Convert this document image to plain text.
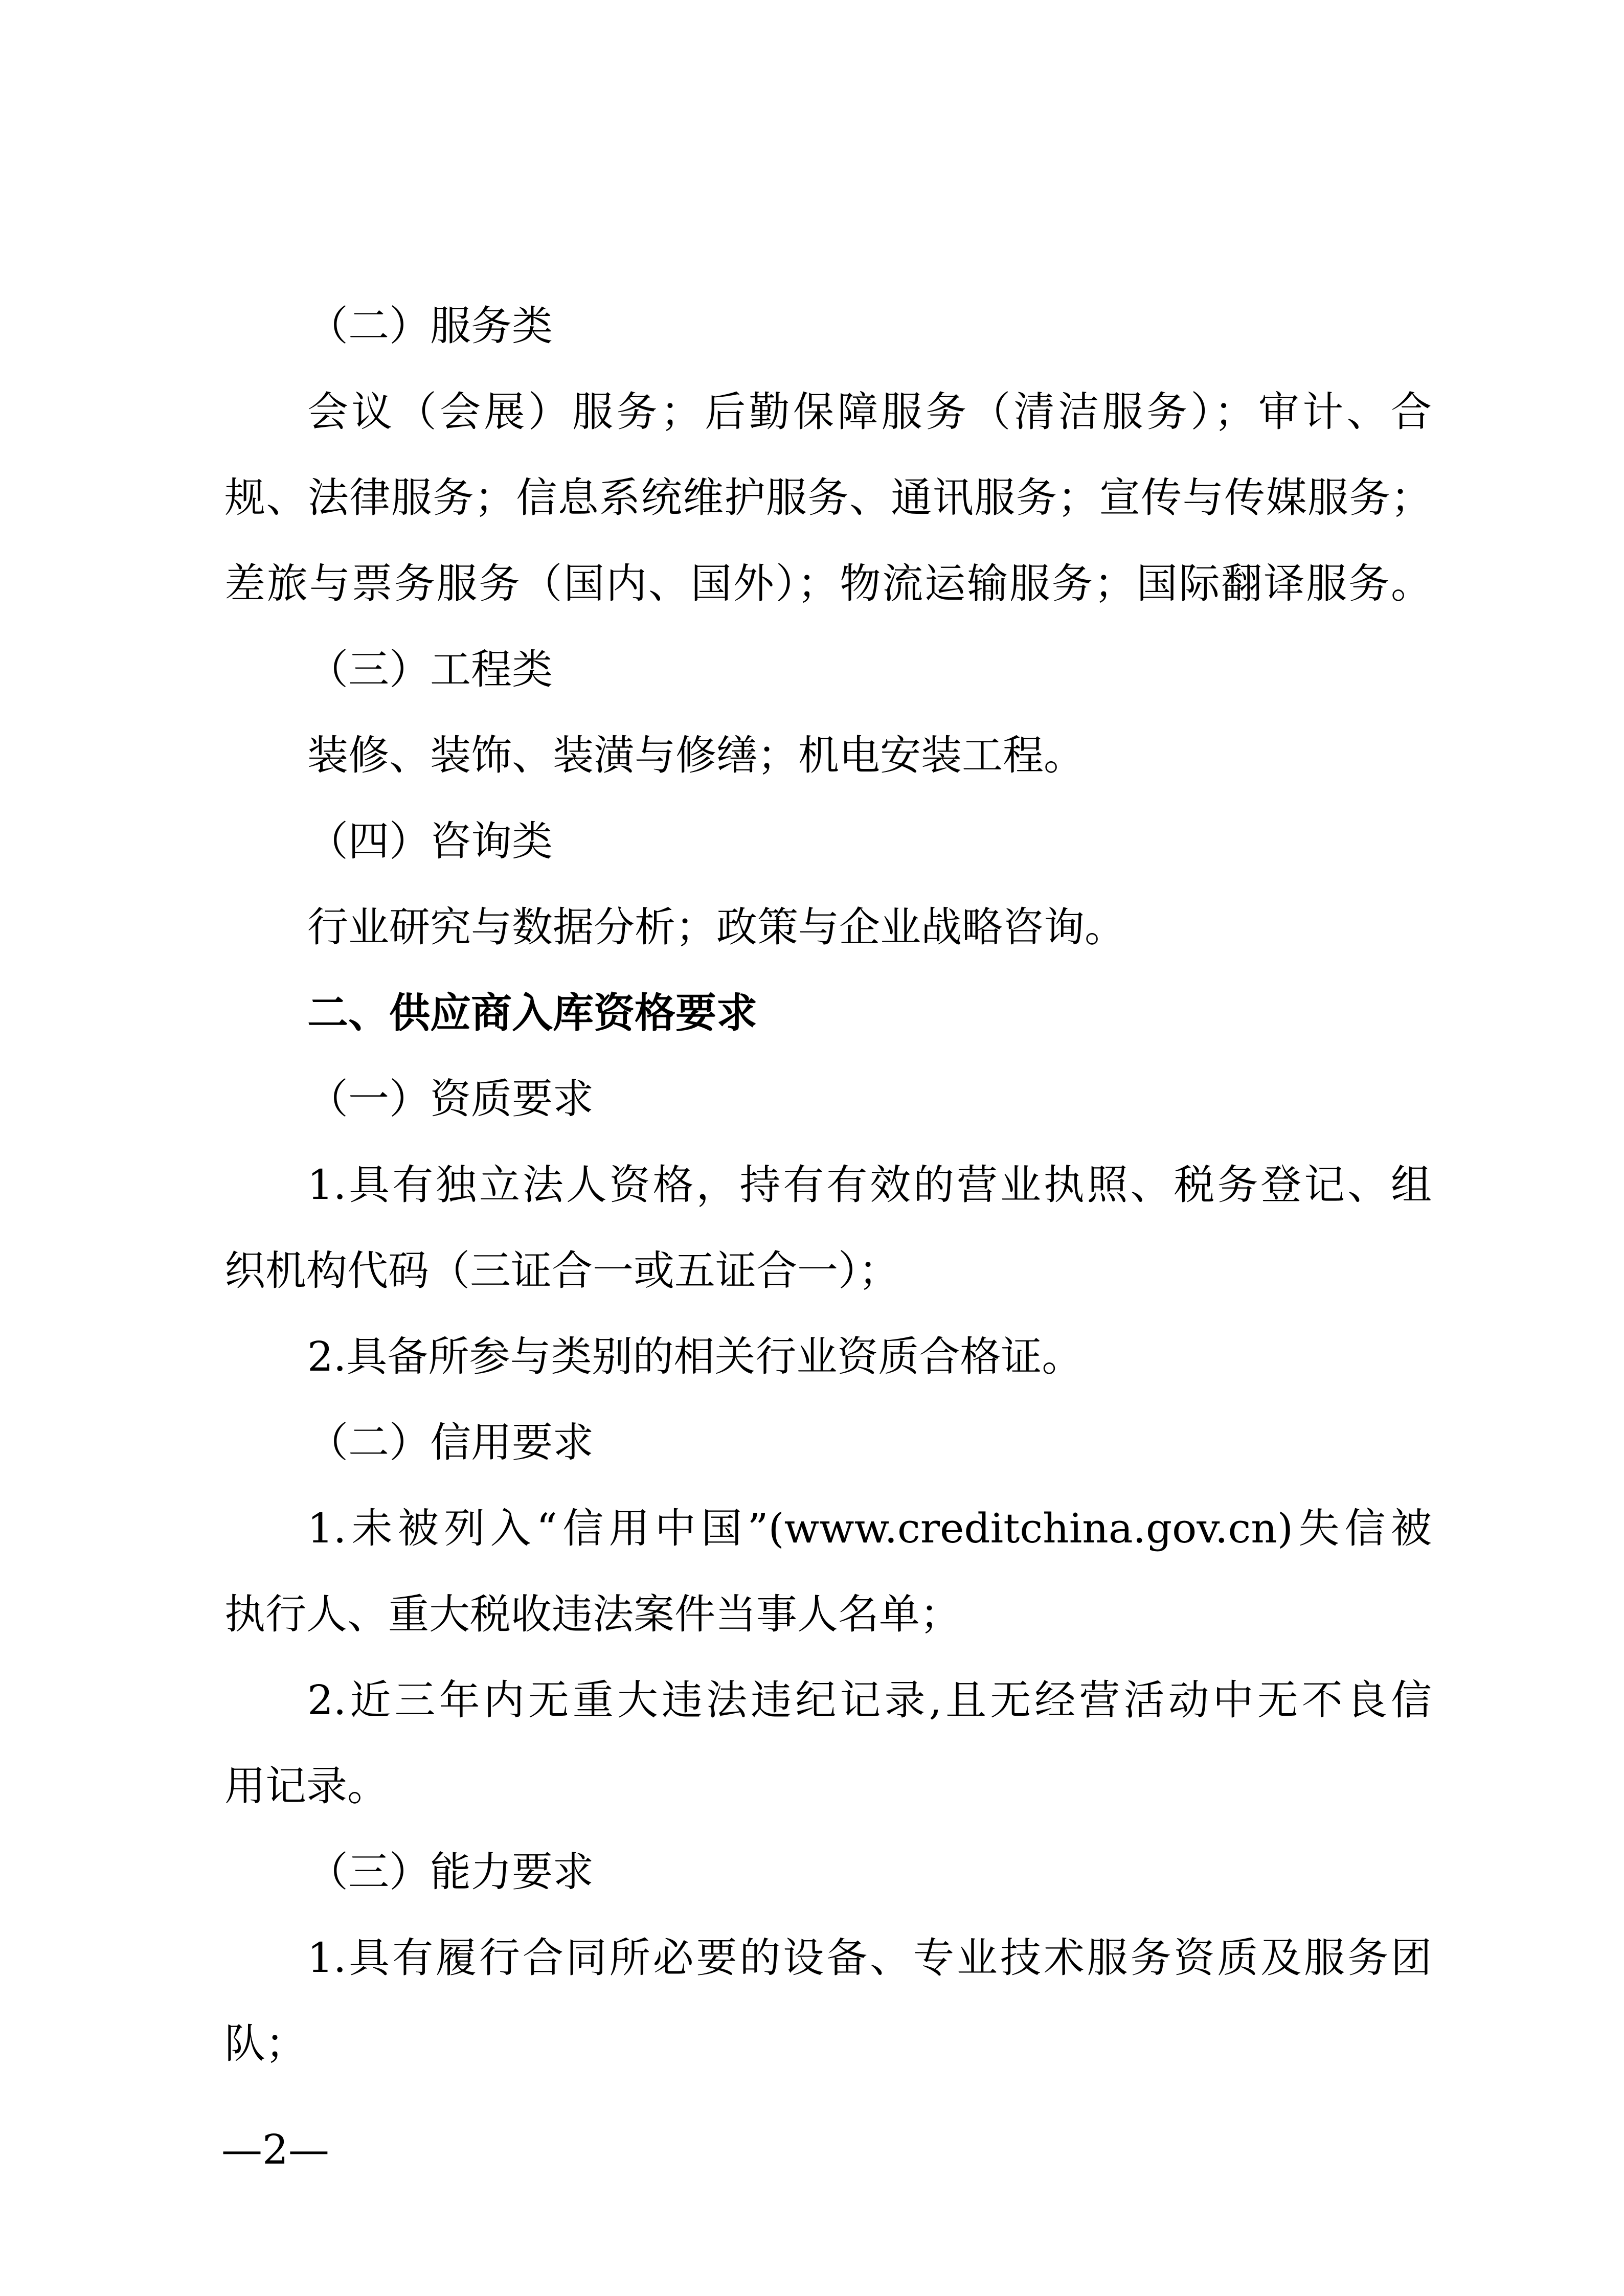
（二）服务类
会议（会展）服务；后勤保障服务（清洁服务）；审计、合
规、法律服务；信息系统维护服务、通讯服务；宣传与传媒服务；
差旅与票务服务（国内、国外）；物流运输服务；国际翻译服务。
（三）工程类
装修、装饰、装潢与修缮；机电安装工程。
（四）咨询类
行业研究与数据分析；政策与企业战略咨询。
二、供应商入库资格要求
（一）资质要求
1.具有独立法人资格，持有有效的营业执照、税务登记、组
织机构代码（三证合一或五证合一）；
2.具备所参与类别的相关行业资质合格证。
（二）信用要求
1.未被列入“信用中国”(www.creditchina.gov.cn)失信被
执行人、重大税收违法案件当事人名单；
2.近三年内无重大违法违纪记录,且无经营活动中无不良信
用记录。
（三）能力要求
1.具有履行合同所必要的设备、专业技术服务资质及服务团
队；
—2—
